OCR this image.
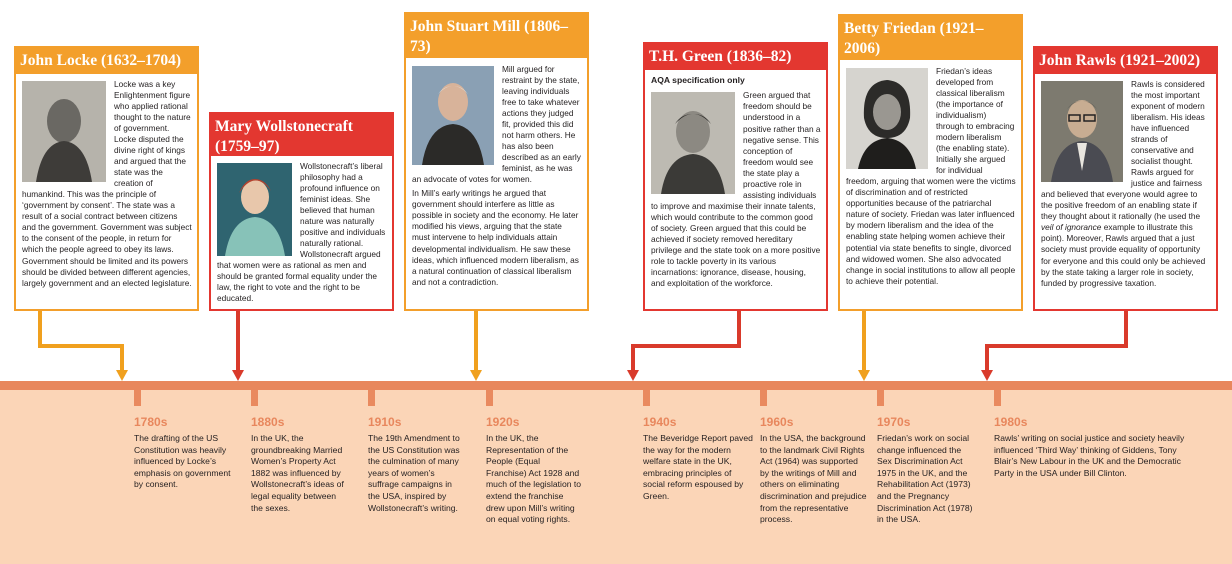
1780s
The drafting of the US Constitution was heavily influenced by Locke’s emphasis on government by consent.
1880s
In the UK, the groundbreaking Married Women’s Property Act 1882 was influenced by Wollstonecraft’s ideas of legal equality between the sexes.
1910s
The 19th Amendment to the US Constitution was the culmination of many years of women’s suffrage campaigns in the USA, inspired by Wollstonecraft’s writing.
1920s
In the UK, the Representation of the People (Equal Franchise) Act 1928 and much of the legislation to extend the franchise drew upon Mill’s writing on equal voting rights.
1940s
The Beveridge Report paved the way for the modern welfare state in the UK, embracing principles of social reform espoused by Green.
1960s
In the USA, the background to the landmark Civil Rights Act (1964) was supported by the writings of Mill and others on eliminating discrimination and prejudice from the representative process.
1970s
Friedan’s work on social change influenced the Sex Discrimination Act 1975 in the UK, and the Rehabilitation Act (1973) and the Pregnancy Discrimination Act (1978) in the USA.
1980s
Rawls’ writing on social justice and society heavily influenced ‘Third Way’ thinking of Giddens, Tony Blair’s New Labour in the UK and the Democratic Party in the USA under Bill Clinton.
John Locke (1632–1704)
Locke was a key Enlightenment figure who applied rational thought to the nature of government. Locke disputed the divine right of kings and argued that the state was the creation of humankind. This was the principle of ‘government by consent’. The state was a result of a social contract between citizens and the government. Government was subject to the consent of the people, in return for which the people agreed to obey its laws. Government should be limited and its powers should be divided between different agencies, largely government and an elected legislature.
Mary Wollstonecraft (1759–97)
Wollstonecraft’s liberal philosophy had a profound influence on feminist ideas. She believed that human nature was naturally positive and individuals naturally rational. Wollstonecraft argued that women were as rational as men and should be granted formal equality under the law, the right to vote and the right to be educated.
John Stuart Mill (1806–73)
Mill argued for restraint by the state, leaving individuals free to take whatever actions they judged fit, provided this did not harm others. He has also been described as an early feminist, as he was an advocate of votes for women.
In Mill’s early writings he argued that government should interfere as little as possible in society and the economy. He later modified his views, arguing that the state must intervene to help individuals attain developmental individualism. He saw these ideas, which influenced modern liberalism, as a natural continuation of classical liberalism and not a contradiction.
T.H. Green (1836–82)
AQA specification only
Green argued that freedom should be understood in a positive rather than a negative sense. This conception of freedom would see the state play a proactive role in assisting individuals to improve and maximise their innate talents, which would contribute to the common good of society. Green argued that this could be achieved if society removed hereditary privilege and the state took on a more positive role to tackle poverty in its various incarnations: ignorance, disease, housing, and exploitation of the workforce.
Betty Friedan (1921–2006)
Friedan’s ideas developed from classical liberalism (the importance of individualism) through to embracing modern liberalism (the enabling state). Initially she argued for individual freedom, arguing that women were the victims of discrimination and of restricted opportunities because of the patriarchal nature of society. Friedan was later influenced by modern liberalism and the idea of the enabling state helping women achieve their potential via state benefits to single, divorced and widowed women. She also advocated change in social institutions to allow all people to achieve their potential.
John Rawls (1921–2002)
Rawls is considered the most important exponent of modern liberalism. His ideas have influenced strands of conservative and socialist thought. Rawls argued for justice and fairness and believed that everyone would agree to the positive freedom of an enabling state if they thought about it rationally (he used the veil of ignorance example to illustrate this point). Moreover, Rawls argued that a just society must provide equality of opportunity for everyone and this could only be achieved by the state taking a larger role in society, funded by progressive taxation.
